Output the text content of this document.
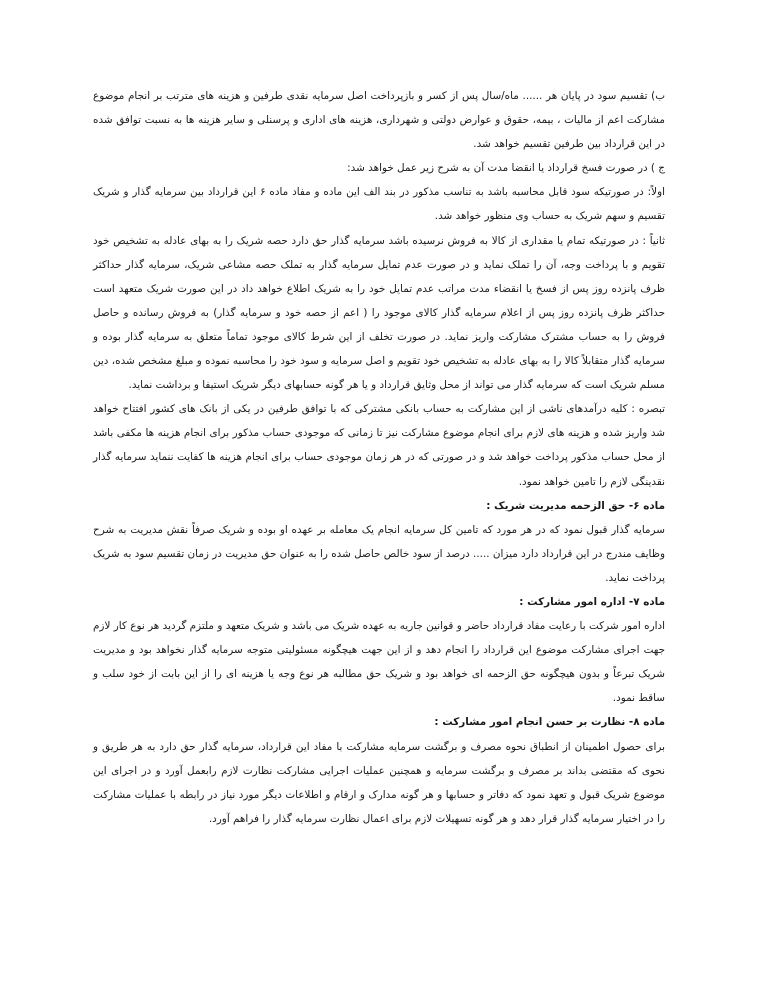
ب) تقسیم سود در پایان هر ...... ماه/سال پس از کسر و بازپرداخت اصل سرمایه نقدی طرفین و هزینه های مترتب بر انجام موضوع مشارکت اعم از مالیات ، بیمه، حقوق و عوارض دولتی و شهرداری، هزینه های اداری و پرسنلی و سایر هزینه ها به نسبت توافق شده در این قرارداد بین طرفین تقسیم خواهد شد.

ج ) در صورت فسخ قرارداد یا انقضا مدت آن به شرح زیر عمل خواهد شد:

اولاً: در صورتیکه سود قابل محاسبه باشد به تناسب مذکور در بند الف این ماده و مفاد ماده ۶ این قرارداد بین سرمایه گذار و شریک تقسیم و سهم شریک به حساب وی منظور خواهد شد.

ثانیاً : در صورتیکه تمام یا مقداری از کالا به فروش نرسیده باشد سرمایه گذار حق دارد حصه شریک را به بهای عادله به تشخیص خود تقویم و با پرداخت وجه، آن را تملک نماید و در صورت عدم تمایل سرمایه گذار به تملک حصه مشاعی شریک، سرمایه گذار حداکثر ظرف پانزده روز پس از فسخ یا انقضاء مدت مراتب عدم تمایل خود را به شریک اطلاع خواهد داد در این صورت شریک متعهد است حداکثر ظرف پانزده روز پس از اعلام سرمایه گذار کالای موجود را ( اعم از حصه خود و سرمایه گذار) به فروش رسانده و حاصل فروش را به حساب مشترک مشارکت واریز نماید. در صورت تخلف از این شرط کالای موجود تماماً متعلق به سرمایه گذار بوده و سرمایه گذار متقابلاً کالا را به بهای عادله به تشخیص خود تقویم و اصل سرمایه و سود خود را محاسبه نموده و مبلغ مشخص شده، دین مسلم شریک است که سرمایه گذار می تواند از محل وثایق قرارداد و یا هر گونه حسابهای دیگر شریک استیفا و برداشت نماید.

تبصره : کلیه درآمدهای ناشی از این مشارکت به حساب بانکی مشترکی که با توافق طرفین در یکی از بانک های کشور افتتاح خواهد شد واریز شده و هزینه های لازم برای انجام موضوع مشارکت نیز تا زمانی که موجودی حساب مذکور برای انجام هزینه ها مکفی باشد از محل حساب مذکور پرداخت خواهد شد و در صورتی که در هر زمان موجودی حساب برای انجام هزینه ها کفایت ننماید سرمایه گذار نقدینگی لازم را تامین خواهد نمود.

ماده ۶- حق الزحمه مدیریت شریک :

سرمایه گذار قبول نمود که در هر مورد که تامین کل سرمایه انجام یک معامله بر عهده او بوده و شریک صرفاً نقش مدیریت به شرح وظایف مندرج در این قرارداد دارد میزان ..... درصد از سود خالص حاصل شده را به عنوان حق مدیریت در زمان تقسیم سود به شریک پرداخت نماید.

ماده ۷- اداره امور مشارکت :

اداره امور شرکت با رعایت مفاد قرارداد حاضر و قوانین جاریه به عهده شریک می باشد و شریک متعهد و ملتزم گردید هر نوع کار لازم جهت اجرای مشارکت موضوع این قرارداد را انجام دهد و از این جهت هیچگونه مسئولیتی متوجه سرمایه گذار نخواهد بود و مدیریت شریک تبرعاً و بدون هیچگونه حق الزحمه ای خواهد بود و شریک حق مطالبه هر نوع وجه یا هزینه ای را از این بابت از خود سلب و ساقط نمود.

ماده ۸- نظارت بر حسن انجام امور مشارکت :

برای حصول اطمینان از انطباق نحوه مصرف و برگشت سرمایه مشارکت با مفاد این قرارداد، سرمایه گذار حق دارد به هر طریق و نحوی که مقتضی بداند بر مصرف و برگشت سرمایه و همچنین عملیات اجرایی مشارکت نظارت لازم رابعمل آورد و در اجرای این موضوع شریک قبول و تعهد نمود که دفاتر و حسابها و هر گونه مدارک و ارقام و اطلاعات دیگر مورد نیاز در رابطه با عملیات مشارکت را در اختیار سرمایه گذار قرار دهد و هر گونه تسهیلات لازم برای اعمال نظارت سرمایه گذار را فراهم آورد.
